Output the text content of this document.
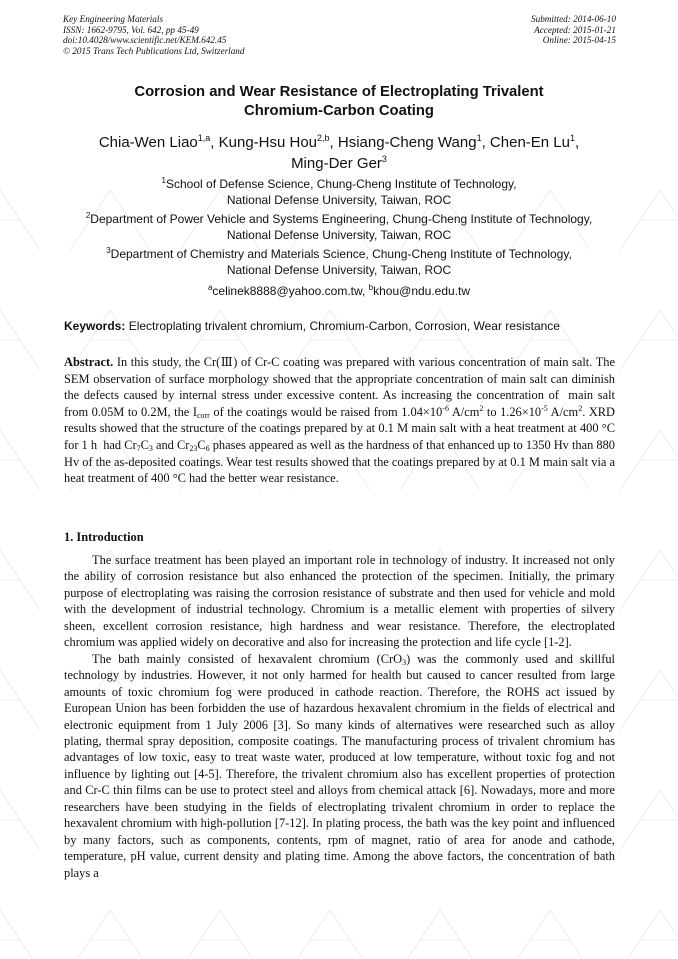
Key Engineering Materials
ISSN: 1662-9795, Vol. 642, pp 45-49
doi:10.4028/www.scientific.net/KEM.642.45
© 2015 Trans Tech Publications Ltd, Switzerland
Submitted: 2014-06-10
Accepted: 2015-01-21
Online: 2015-04-15
Corrosion and Wear Resistance of Electroplating Trivalent
Chromium-Carbon Coating
Chia-Wen Liao$^{1,a}$, Kung-Hsu Hou$^{2,b}$, Hsiang-Cheng Wang$^1$, Chen-En Lu$^1$,
Ming-Der Ger$^3$
$^1$School of Defense Science, Chung-Cheng Institute of Technology,
National Defense University, Taiwan, ROC
$^2$Department of Power Vehicle and Systems Engineering, Chung-Cheng Institute of Technology,
National Defense University, Taiwan, ROC
$^3$Department of Chemistry and Materials Science, Chung-Cheng Institute of Technology,
National Defense University, Taiwan, ROC
$^a$celinek8888@yahoo.com.tw, $^b$khou@ndu.edu.tw
Keywords: Electroplating trivalent chromium, Chromium-Carbon, Corrosion, Wear resistance
Abstract. In this study, the Cr(Ⅲ) of Cr-C coating was prepared with various concentration of main salt. The SEM observation of surface morphology showed that the appropriate concentration of main salt can diminish the defects caused by internal stress under excessive content. As increasing the concentration of  main salt from 0.05M to 0.2M, the $I_{corr}$ of the coatings would be raised from $1.04\times 10^{-6}$ $A/cm^2$ to $1.26\times 10^{-5}$ $A/cm^2$. XRD results showed that the structure of the coatings prepared by at 0.1 M main salt with a heat treatment at 400 °C for 1 h  had $Cr_7C_3$ and $Cr_{23}C_6$ phases appeared as well as the hardness of that enhanced up to 1350 Hv than 880 Hv of the as-deposited coatings. Wear test results showed that the coatings prepared by at 0.1 M main salt via a heat treatment of 400 °C had the better wear resistance.
1. Introduction

The surface treatment has been played an important role in technology of industry. It increased not only the ability of corrosion resistance but also enhanced the protection of the specimen. Initially, the primary purpose of electroplating was raising the corrosion resistance of substrate and then used for vehicle and mold with the development of industrial technology. Chromium is a metallic element with properties of silvery sheen, excellent corrosion resistance, high hardness and wear resistance. Therefore, the electroplated chromium was applied widely on decorative and also for increasing the protection and life cycle [1-2].

The bath mainly consisted of hexavalent chromium (CrO$_3$) was the commonly used and skillful technology by industries. However, it not only harmed for health but caused to cancer resulted from large amounts of toxic chromium fog were produced in cathode reaction. Therefore, the ROHS act issued by European Union has been forbidden the use of hazardous hexavalent chromium in the fields of electrical and electronic equipment from 1 July 2006 [3]. So many kinds of alternatives were researched such as alloy plating, thermal spray deposition, composite coatings. The manufacturing process of trivalent chromium has advantages of low toxic, easy to treat waste water, produced at low temperature, without toxic fog and not influence by lighting out [4-5]. Therefore, the trivalent chromium also has excellent properties of protection and Cr-C thin films can be use to protect steel and alloys from chemical attack [6]. Nowadays, more and more researchers have been studying in the fields of electroplating trivalent chromium in order to replace the hexavalent chromium with high-pollution [7-12]. In plating process, the bath was the key point and influenced by many factors, such as components, contents, rpm of magnet, ratio of area for anode and cathode, temperature, pH value, current density and plating time. Among the above factors, the concentration of bath plays a
